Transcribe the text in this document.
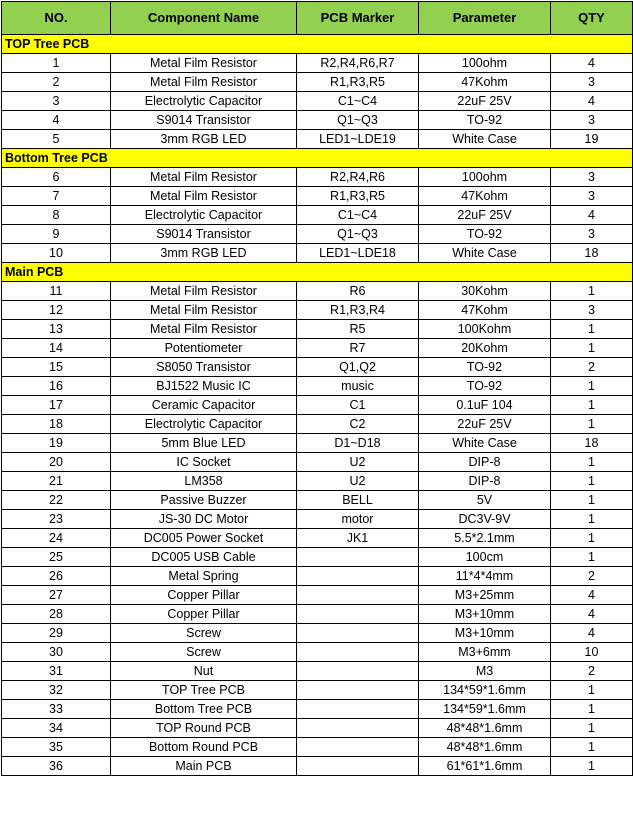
NO.	Component Name	PCB Marker	Parameter	QTY
TOP Tree PCB				
1	Metal Film Resistor	R2,R4,R6,R7	100ohm	4
2	Metal Film Resistor	R1,R3,R5	47Kohm	3
3	Electrolytic Capacitor	C1~C4	22uF 25V	4
4	S9014 Transistor	Q1~Q3	TO-92	3
5	3mm RGB LED	LED1~LDE19	White Case	19
Bottom Tree PCB				
6	Metal Film Resistor	R2,R4,R6	100ohm	3
7	Metal Film Resistor	R1,R3,R5	47Kohm	3
8	Electrolytic Capacitor	C1~C4	22uF 25V	4
9	S9014 Transistor	Q1~Q3	TO-92	3
10	3mm RGB LED	LED1~LDE18	White Case	18
Main PCB				
11	Metal Film Resistor	R6	30Kohm	1
12	Metal Film Resistor	R1,R3,R4	47Kohm	3
13	Metal Film Resistor	R5	100Kohm	1
14	Potentiometer	R7	20Kohm	1
15	S8050 Transistor	Q1,Q2	TO-92	2
16	BJ1522 Music IC	music	TO-92	1
17	Ceramic Capacitor	C1	0.1uF 104	1
18	Electrolytic Capacitor	C2	22uF 25V	1
19	5mm Blue LED	D1~D18	White Case	18
20	IC Socket	U2	DIP-8	1
21	LM358	U2	DIP-8	1
22	Passive Buzzer	BELL	5V	1
23	JS-30 DC Motor	motor	DC3V-9V	1
24	DC005 Power Socket	JK1	5.5*2.1mm	1
25	DC005 USB Cable		100cm	1
26	Metal Spring		11*4*4mm	2
27	Copper Pillar		M3+25mm	4
28	Copper Pillar		M3+10mm	4
29	Screw		M3+10mm	4
30	Screw		M3+6mm	10
31	Nut		M3	2
32	TOP Tree PCB		134*59*1.6mm	1
33	Bottom Tree PCB		134*59*1.6mm	1
34	TOP Round PCB		48*48*1.6mm	1
35	Bottom Round PCB		48*48*1.6mm	1
36	Main PCB		61*61*1.6mm	1
